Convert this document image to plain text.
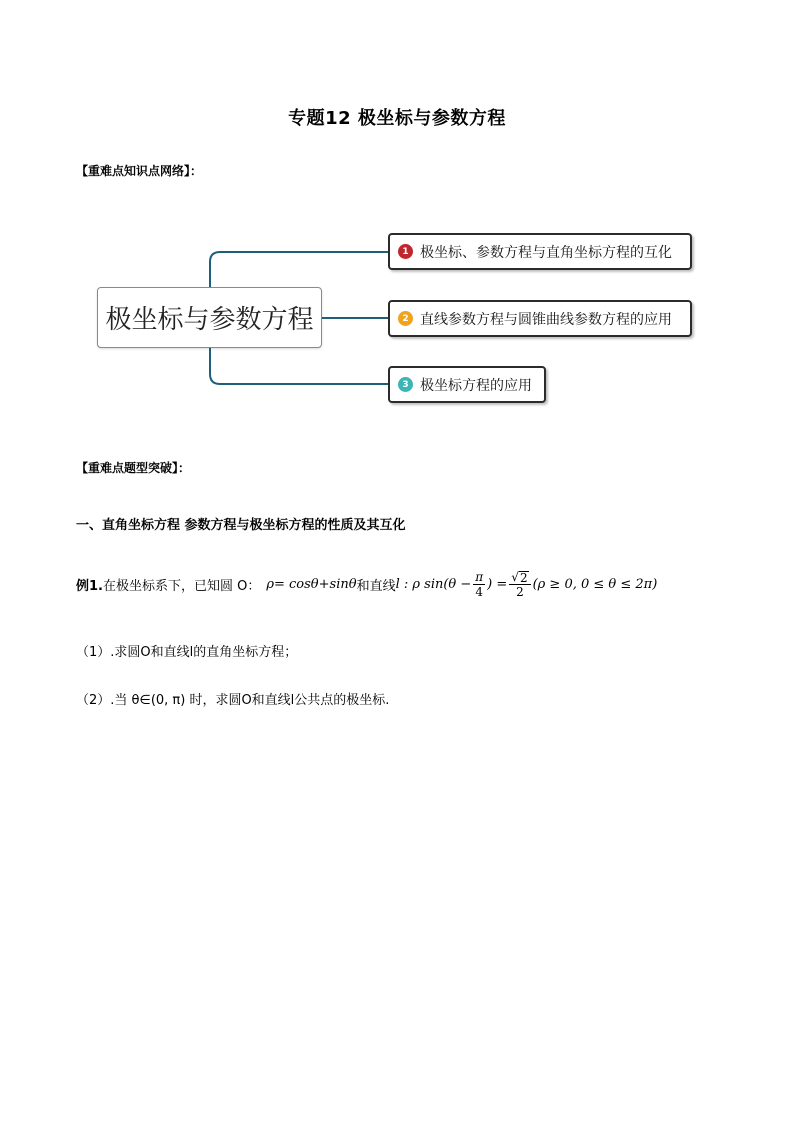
专题12 极坐标与参数方程
【重难点知识点网络】：
极坐标与参数方程
1 极坐标、参数方程与直角坐标方程的互化
2 直线参数方程与圆锥曲线参数方程的应用
3 极坐标方程的应用
【重难点题型突破】：
一、直角坐标方程 参数方程与极坐标方程的性质及其互化
例1. 在极坐标系下，已知圆 O： ρ= cosθ+sinθ 和直线 l : ρ $\sin(\theta - \frac{\pi}{4}$ ) = $\frac{√ 2}{2} (\rho \ge 0$, 0 ≤ θ ≤ 2π)
（1）.求圆O和直线l的直角坐标方程；
（2）.当 θ∈(0, π) 时，求圆O和直线l公共点的极坐标.
